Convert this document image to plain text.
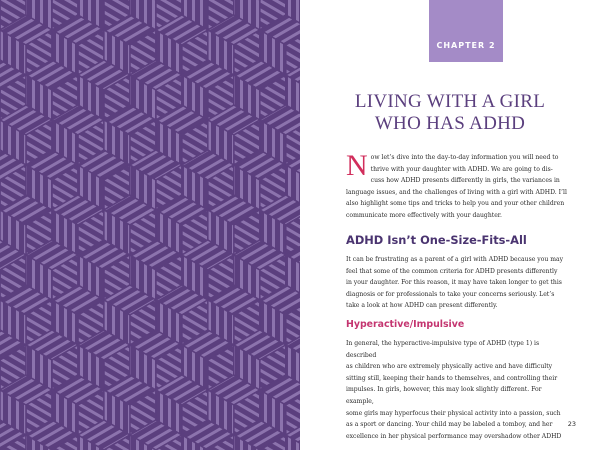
CHAPTER 2
LIVING WITH A GIRL
WHO HAS ADHD
N ow let’s dive into the day-to-day information you will need to

thrive with your daughter with ADHD. We are going to dis-

cuss how ADHD presents differently in girls, the variances in

language issues, and the challenges of living with a girl with ADHD. I’ll

also highlight some tips and tricks to help you and your other children

communicate more effectively with your daughter.

ADHD Isn’t One-Size-Fits-All

It can be frustrating as a parent of a girl with ADHD because you may

feel that some of the common criteria for ADHD presents differently

in your daughter. For this reason, it may have taken longer to get this

diagnosis or for professionals to take your concerns seriously. Let’s

take a look at how ADHD can present differently.

Hyperactive/Impulsive

In general, the hyperactive-impulsive type of ADHD (type 1) is described

as children who are extremely physically active and have difficulty

sitting still, keeping their hands to themselves, and controlling their

impulses. In girls, however, this may look slightly different. For example,

some girls may hyperfocus their physical activity into a passion, such

as a sport or dancing. Your child may be labeled a tomboy, and her

excellence in her physical performance may overshadow other ADHD

23
